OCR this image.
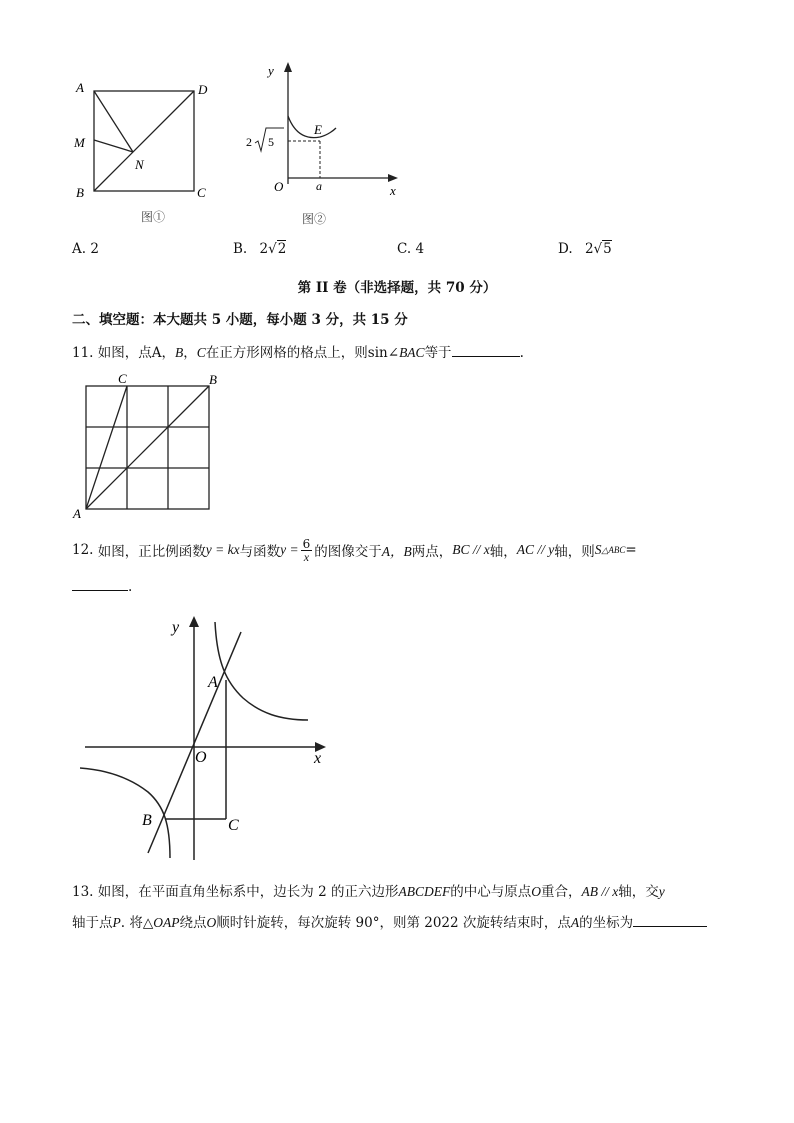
A	D
M
N
B	C
图①
y
x
O
E
a
2 5
图②
A. 2	B. 2√2	C. 4	D. 2√5
第 II 卷（非选择题，共 70 分）
二、填空题：本大题共 5 小题，每小题 3 分，共 15 分
11. 如图，点A，B，C在正方形网格的格点上，则sin∠BAC等于	.
C	B
A
12.
如图，正比例函数 y = kx 与函数 $y = \frac{6}{x}$ 的图像交于 A，B 两点， BC // x 轴， AC // y 轴，则 S △ABC =
.
y
x
O
A
B	C
13. 如图，在平面直角坐标系中，边长为 2 的正六边形ABCDEF的中心与原点O重合，AB // x轴，交y
轴于点P. 将△OAP绕点O顺时针旋转，每次旋转 90°，则第 2022 次旋转结束时，点A的坐标为
